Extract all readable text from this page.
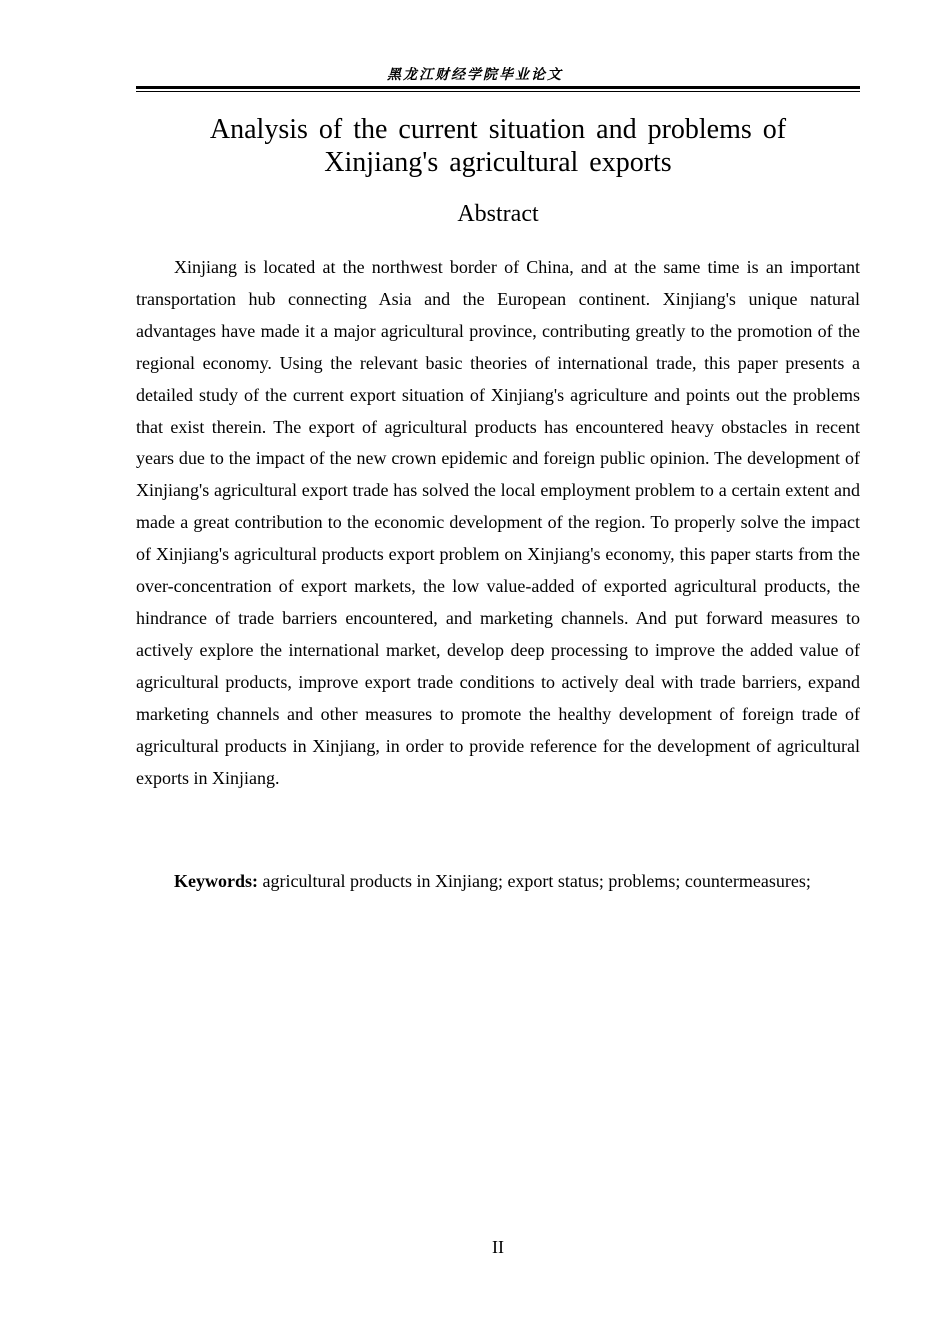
黑龙江财经学院毕业论文
Analysis of the current situation and problems of Xinjiang's agricultural exports
Abstract

Xinjiang is located at the northwest border of China, and at the same time is an important transportation hub connecting Asia and the European continent. Xinjiang's unique natural advantages have made it a major agricultural province, contributing greatly to the promotion of the regional economy. Using the relevant basic theories of international trade, this paper presents a detailed study of the current export situation of Xinjiang's agriculture and points out the problems that exist therein. The export of agricultural products has encountered heavy obstacles in recent years due to the impact of the new crown epidemic and foreign public opinion. The development of Xinjiang's agricultural export trade has solved the local employment problem to a certain extent and made a great contribution to the economic development of the region. To properly solve the impact of Xinjiang's agricultural products export problem on Xinjiang's economy, this paper starts from the over-concentration of export markets, the low value-added of exported agricultural products, the hindrance of trade barriers encountered, and marketing channels. And put forward measures to actively explore the international market, develop deep processing to improve the added value of agricultural products, improve export trade conditions to actively deal with trade barriers, expand marketing channels and other measures to promote the healthy development of foreign trade of agricultural products in Xinjiang, in order to provide reference for the development of agricultural exports in Xinjiang.

Keywords: agricultural products in Xinjiang; export status; problems; countermeasures;

II
